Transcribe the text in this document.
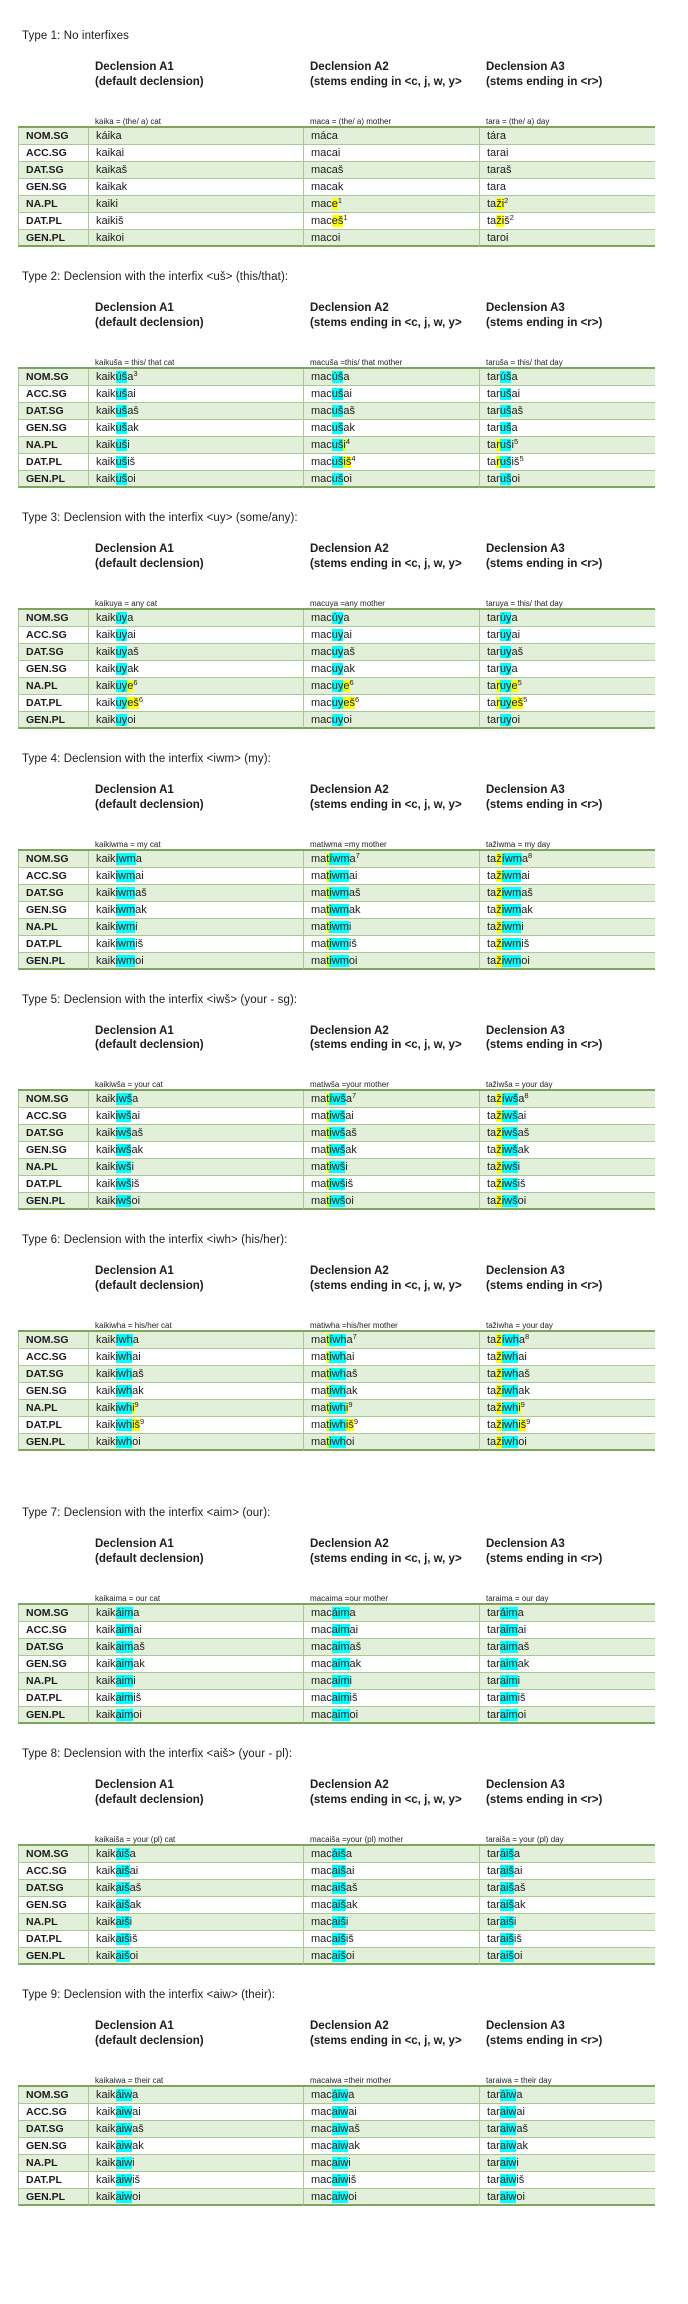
Type 1: No interfixes
Declension A1
(default declension)
Declension A2
(stems ending in <c, j, w, y>
Declension A3
(stems ending in <r>)
kaika = (the/ a) cat	maca = (the/ a) mother	tara = (the/ a) day
NOM.SG	káika	máca	tára
ACC.SG	kaikai	macai	tarai
DAT.SG	kaikaš	macaš	taraš
GEN.SG	kaikak	macak	tara
NA.PL	kaiki	mace$^1$	taži$^2$
DAT.PL	kaikiš	maceš$^1$	tažiš$^2$
GEN.PL	kaikoi	macoi	taroi
Type 2: Declension with the interfix <uš> (this/that):
Declension A1
(default declension)
Declension A2
(stems ending in <c, j, w, y>
Declension A3
(stems ending in <r>)
kaikuša = this/ that cat	macuša =this/ that mother	taruša = this/ that day
NOM.SG	kaikúša$^3$	macúša	tarúša
ACC.SG	kaikušai	macušai	tarušai
DAT.SG	kaikušaš	macušaš	tarušaš
GEN.SG	kaikušak	macušak	taruša
NA.PL	kaikuši	macuši$^4$	taruši$^5$
DAT.PL	kaikušiš	macušiš$^4$	tarušiš$^5$
GEN.PL	kaikušoi	macušoi	tarušoi
Type 3: Declension with the interfix <uy> (some/any):
Declension A1
(default declension)
Declension A2
(stems ending in <c, j, w, y>
Declension A3
(stems ending in <r>)
kaikuya = any cat	macuya =any mother	taruya = this/ that day
NOM.SG	kaikúya	macúya	tarúya
ACC.SG	kaikuyai	macuyai	taruyai
DAT.SG	kaikuyaš	macuyaš	taruyaš
GEN.SG	kaikuyak	macuyak	taruya
NA.PL	kaikuye$^6$	macuye$^6$	taruye$^5$
DAT.PL	kaikuyeš$^6$	macuyeš$^6$	taruyeš$^5$
GEN.PL	kaikuyoi	macuyoi	taruyoi
Type 4: Declension with the interfix <iwm> (my):
Declension A1
(default declension)
Declension A2
(stems ending in <c, j, w, y>
Declension A3
(stems ending in <r>)
kaikiwma = my cat	matiwma =my mother	tažiwma = my day
NOM.SG	kaikíwma	matíwma$^7$	tažíwma$^8$
ACC.SG	kaikiwmai	matiwmai	tažiwmai
DAT.SG	kaikiwmaš	matiwmaš	tažiwmaš
GEN.SG	kaikiwmak	matiwmak	tažiwmak
NA.PL	kaikiwmi	matiwmi	tažiwmi
DAT.PL	kaikiwmiš	matiwmiš	tažiwmiš
GEN.PL	kaikiwmoi	matiwmoi	tažiwmoi
Type 5: Declension with the interfix <iwš> (your - sg):
Declension A1
(default declension)
Declension A2
(stems ending in <c, j, w, y>
Declension A3
(stems ending in <r>)
kaikiwša = your cat	matiwša =your mother	tažiwša = your day
NOM.SG	kaikíwša	matíwša$^7$	tažíwša$^8$
ACC.SG	kaikiwšai	matiwšai	tažiwšai
DAT.SG	kaikiwšaš	matiwšaš	tažiwšaš
GEN.SG	kaikiwšak	matiwšak	tažiwšak
NA.PL	kaikiwši	matiwši	tažiwši
DAT.PL	kaikiwšiš	matiwšiš	tažiwšiš
GEN.PL	kaikiwšoi	matiwšoi	tažiwšoi
Type 6: Declension with the interfix <iwh> (his/her):
Declension A1
(default declension)
Declension A2
(stems ending in <c, j, w, y>
Declension A3
(stems ending in <r>)
kaikiwha = his/her cat	matiwha =his/her mother	tažiwha = your day
NOM.SG	kaikíwha	matíwha$^7$	tažíwha$^8$
ACC.SG	kaikiwhai	matiwhai	tažiwhai
DAT.SG	kaikiwhaš	matiwhaš	tažiwhaš
GEN.SG	kaikiwhak	matiwhak	tažiwhak
NA.PL	kaikiwhi$^9$	matiwhi$^9$	tažiwhi$^9$
DAT.PL	kaikiwhiš$^9$	matiwhiš$^9$	tažiwhiš$^9$
GEN.PL	kaikiwhoi	matiwhoi	tažiwhoi
Type 7: Declension with the interfix <aim> (our):
Declension A1
(default declension)
Declension A2
(stems ending in <c, j, w, y>
Declension A3
(stems ending in <r>)
kaikaima = our cat	macaima =our mother	taraima = our day
NOM.SG	kaikáima	macáima	taráima
ACC.SG	kaikaimai	macaimai	taraimai
DAT.SG	kaikaimaš	macaimaš	taraimaš
GEN.SG	kaikaimak	macaimak	taraimak
NA.PL	kaikaimi	macaimi	taraimi
DAT.PL	kaikaimiš	macaimiš	taraimiš
GEN.PL	kaikaimoi	macaimoi	taraimoi
Type 8: Declension with the interfix <aiš> (your - pl):
Declension A1
(default declension)
Declension A2
(stems ending in <c, j, w, y>
Declension A3
(stems ending in <r>)
kaikaiša = your (pl) cat	macaiša =your (pl) mother	taraiša = your (pl) day
NOM.SG	kaikáiša	macáiša	taráiša
ACC.SG	kaikaišai	macaišai	taraišai
DAT.SG	kaikaišaš	macaišaš	taraišaš
GEN.SG	kaikaišak	macaišak	taraišak
NA.PL	kaikaiši	macaiši	taraiši
DAT.PL	kaikaišiš	macaišiš	taraišiš
GEN.PL	kaikaišoi	macaišoi	taraišoi
Type 9: Declension with the interfix <aiw> (their):
Declension A1
(default declension)
Declension A2
(stems ending in <c, j, w, y>
Declension A3
(stems ending in <r>)
kaikaiwa = their cat	macaiwa =their mother	taraiwa = their day
NOM.SG	kaikáiwa	macáiwa	taráiwa
ACC.SG	kaikaiwai	macaiwai	taraiwai
DAT.SG	kaikaiwaš	macaiwaš	taraiwaš
GEN.SG	kaikaiwak	macaiwak	taraiwak
NA.PL	kaikaiwi	macaiwi	taraiwi
DAT.PL	kaikaiwiš	macaiwiš	taraiwiš
GEN.PL	kaikaiwoi	macaiwoi	taraiwoi
